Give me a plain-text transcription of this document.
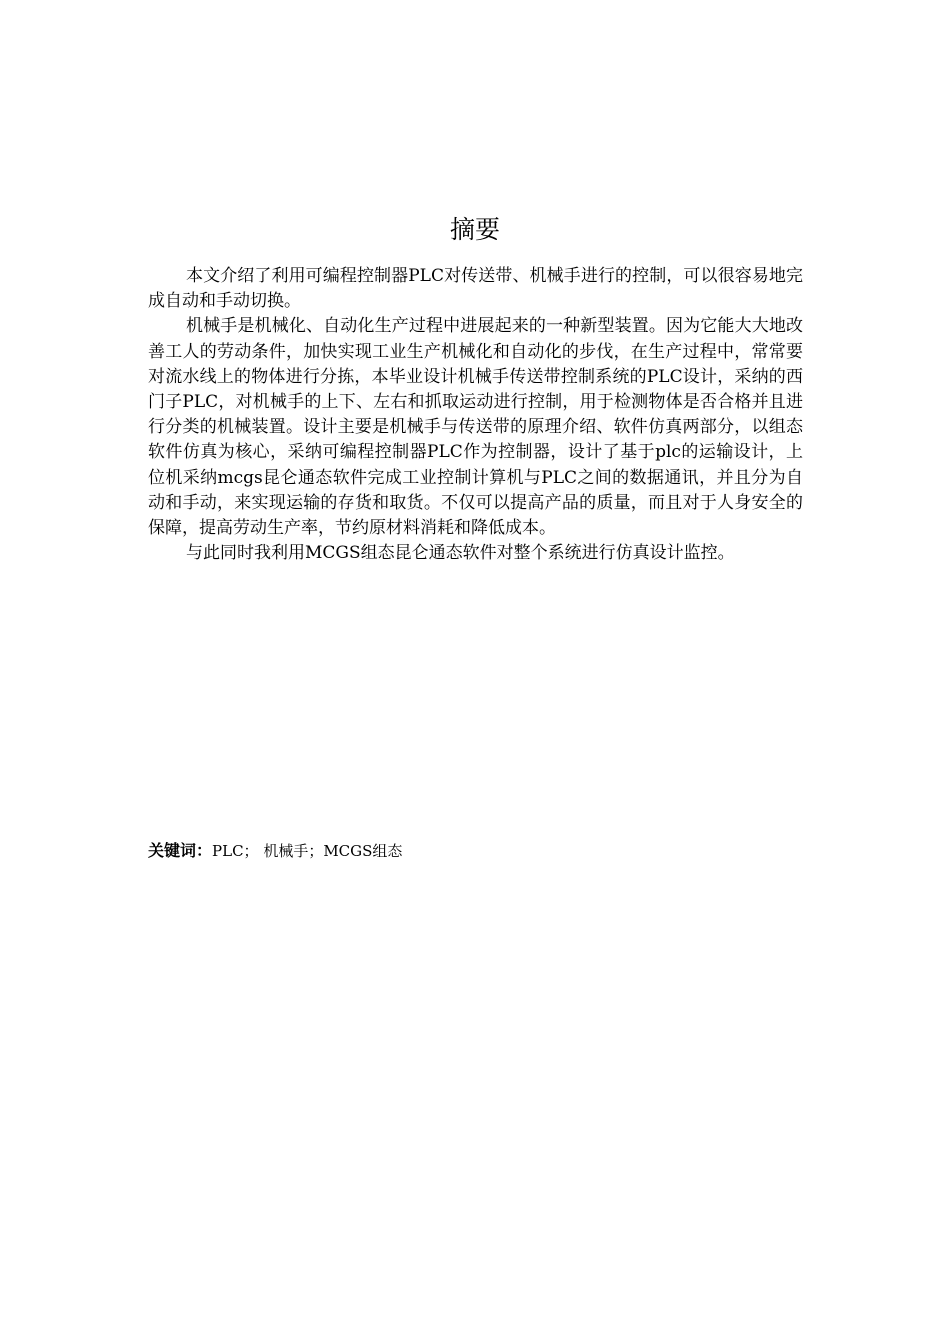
摘要

本文介绍了利用可编程控制器PLC对传送带、机械手进行的控制，可以很容易地完成自动和手动切换。

机械手是机械化、自动化生产过程中进展起来的一种新型装置。因为它能大大地改善工人的劳动条件，加快实现工业生产机械化和自动化的步伐，在生产过程中，常常要对流水线上的物体进行分拣，本毕业设计机械手传送带控制系统的PLC设计，采纳的西门子PLC，对机械手的上下、左右和抓取运动进行控制，用于检测物体是否合格并且进行分类的机械装置。设计主要是机械手与传送带的原理介绍、软件仿真两部分，以组态软件仿真为核心，采纳可编程控制器PLC作为控制器，设计了基于plc的运输设计，上位机采纳mcgs昆仑通态软件完成工业控制计算机与PLC之间的数据通讯，并且分为自动和手动，来实现运输的存货和取货。不仅可以提高产品的质量，而且对于人身安全的保障，提高劳动生产率，节约原材料消耗和降低成本。

与此同时我利用MCGS组态昆仑通态软件对整个系统进行仿真设计监控。

关键词：PLC； 机械手；MCGS组态
